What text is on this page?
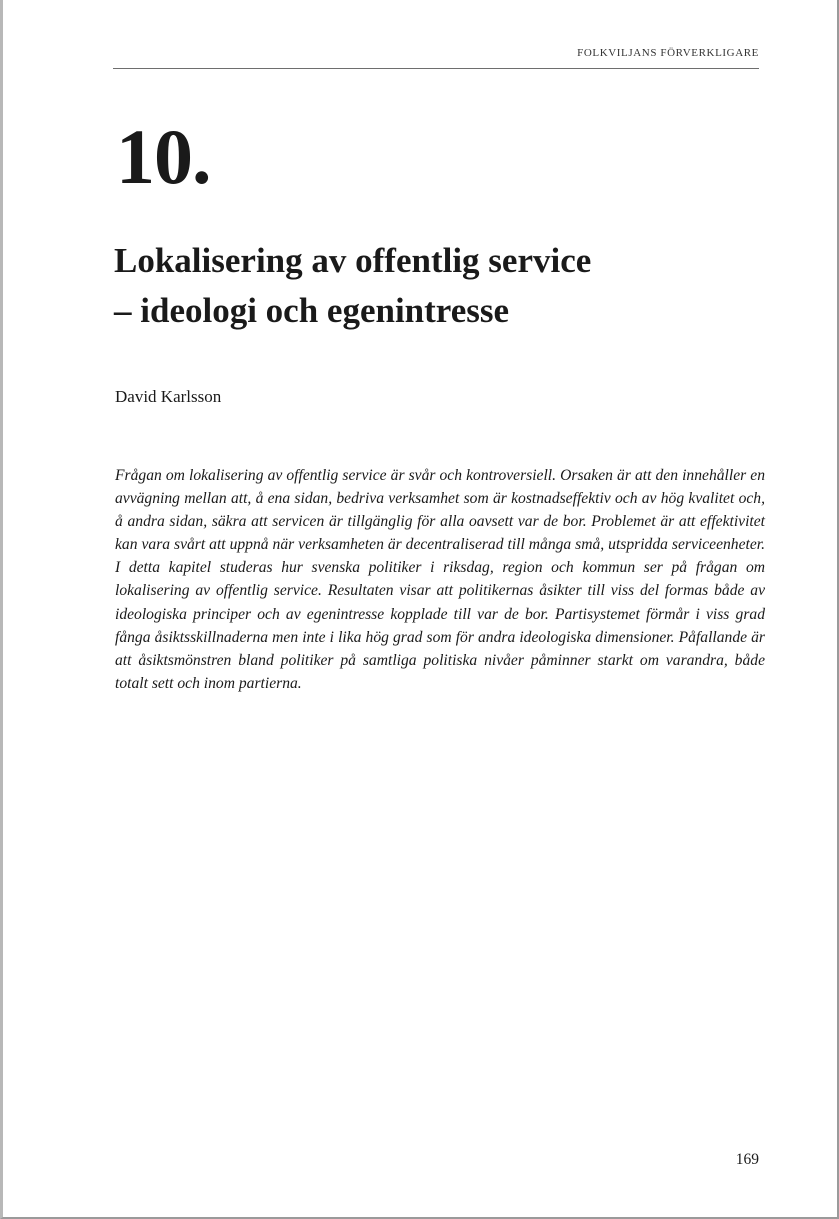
FOLKVILJANS FÖRVERKLIGARE
10.
Lokalisering av offentlig service
– ideologi och egenintresse
David Karlsson

Frågan om lokalisering av offentlig service är svår och kontroversiell. Orsaken är att den innehåller en avvägning mellan att, å ena sidan, bedriva verksamhet som är kostnadseffektiv och av hög kvalitet och, å andra sidan, säkra att servicen är tillgänglig för alla oavsett var de bor. Problemet är att effektivitet kan vara svårt att uppnå när verksamheten är decentraliserad till många små, utspridda serviceenheter. I detta kapitel studeras hur svenska politiker i riksdag, region och kommun ser på frågan om lokalisering av offentlig service. Resultaten visar att politikernas åsikter till viss del formas både av ideologiska principer och av egenintresse kopplade till var de bor. Partisystemet förmår i viss grad fånga åsiktsskillnaderna men inte i lika hög grad som för andra ideologiska dimensioner. Påfallande är att åsiktsmönstren bland politiker på samtliga politiska nivåer påminner starkt om varandra, både totalt sett och inom partierna.

169
